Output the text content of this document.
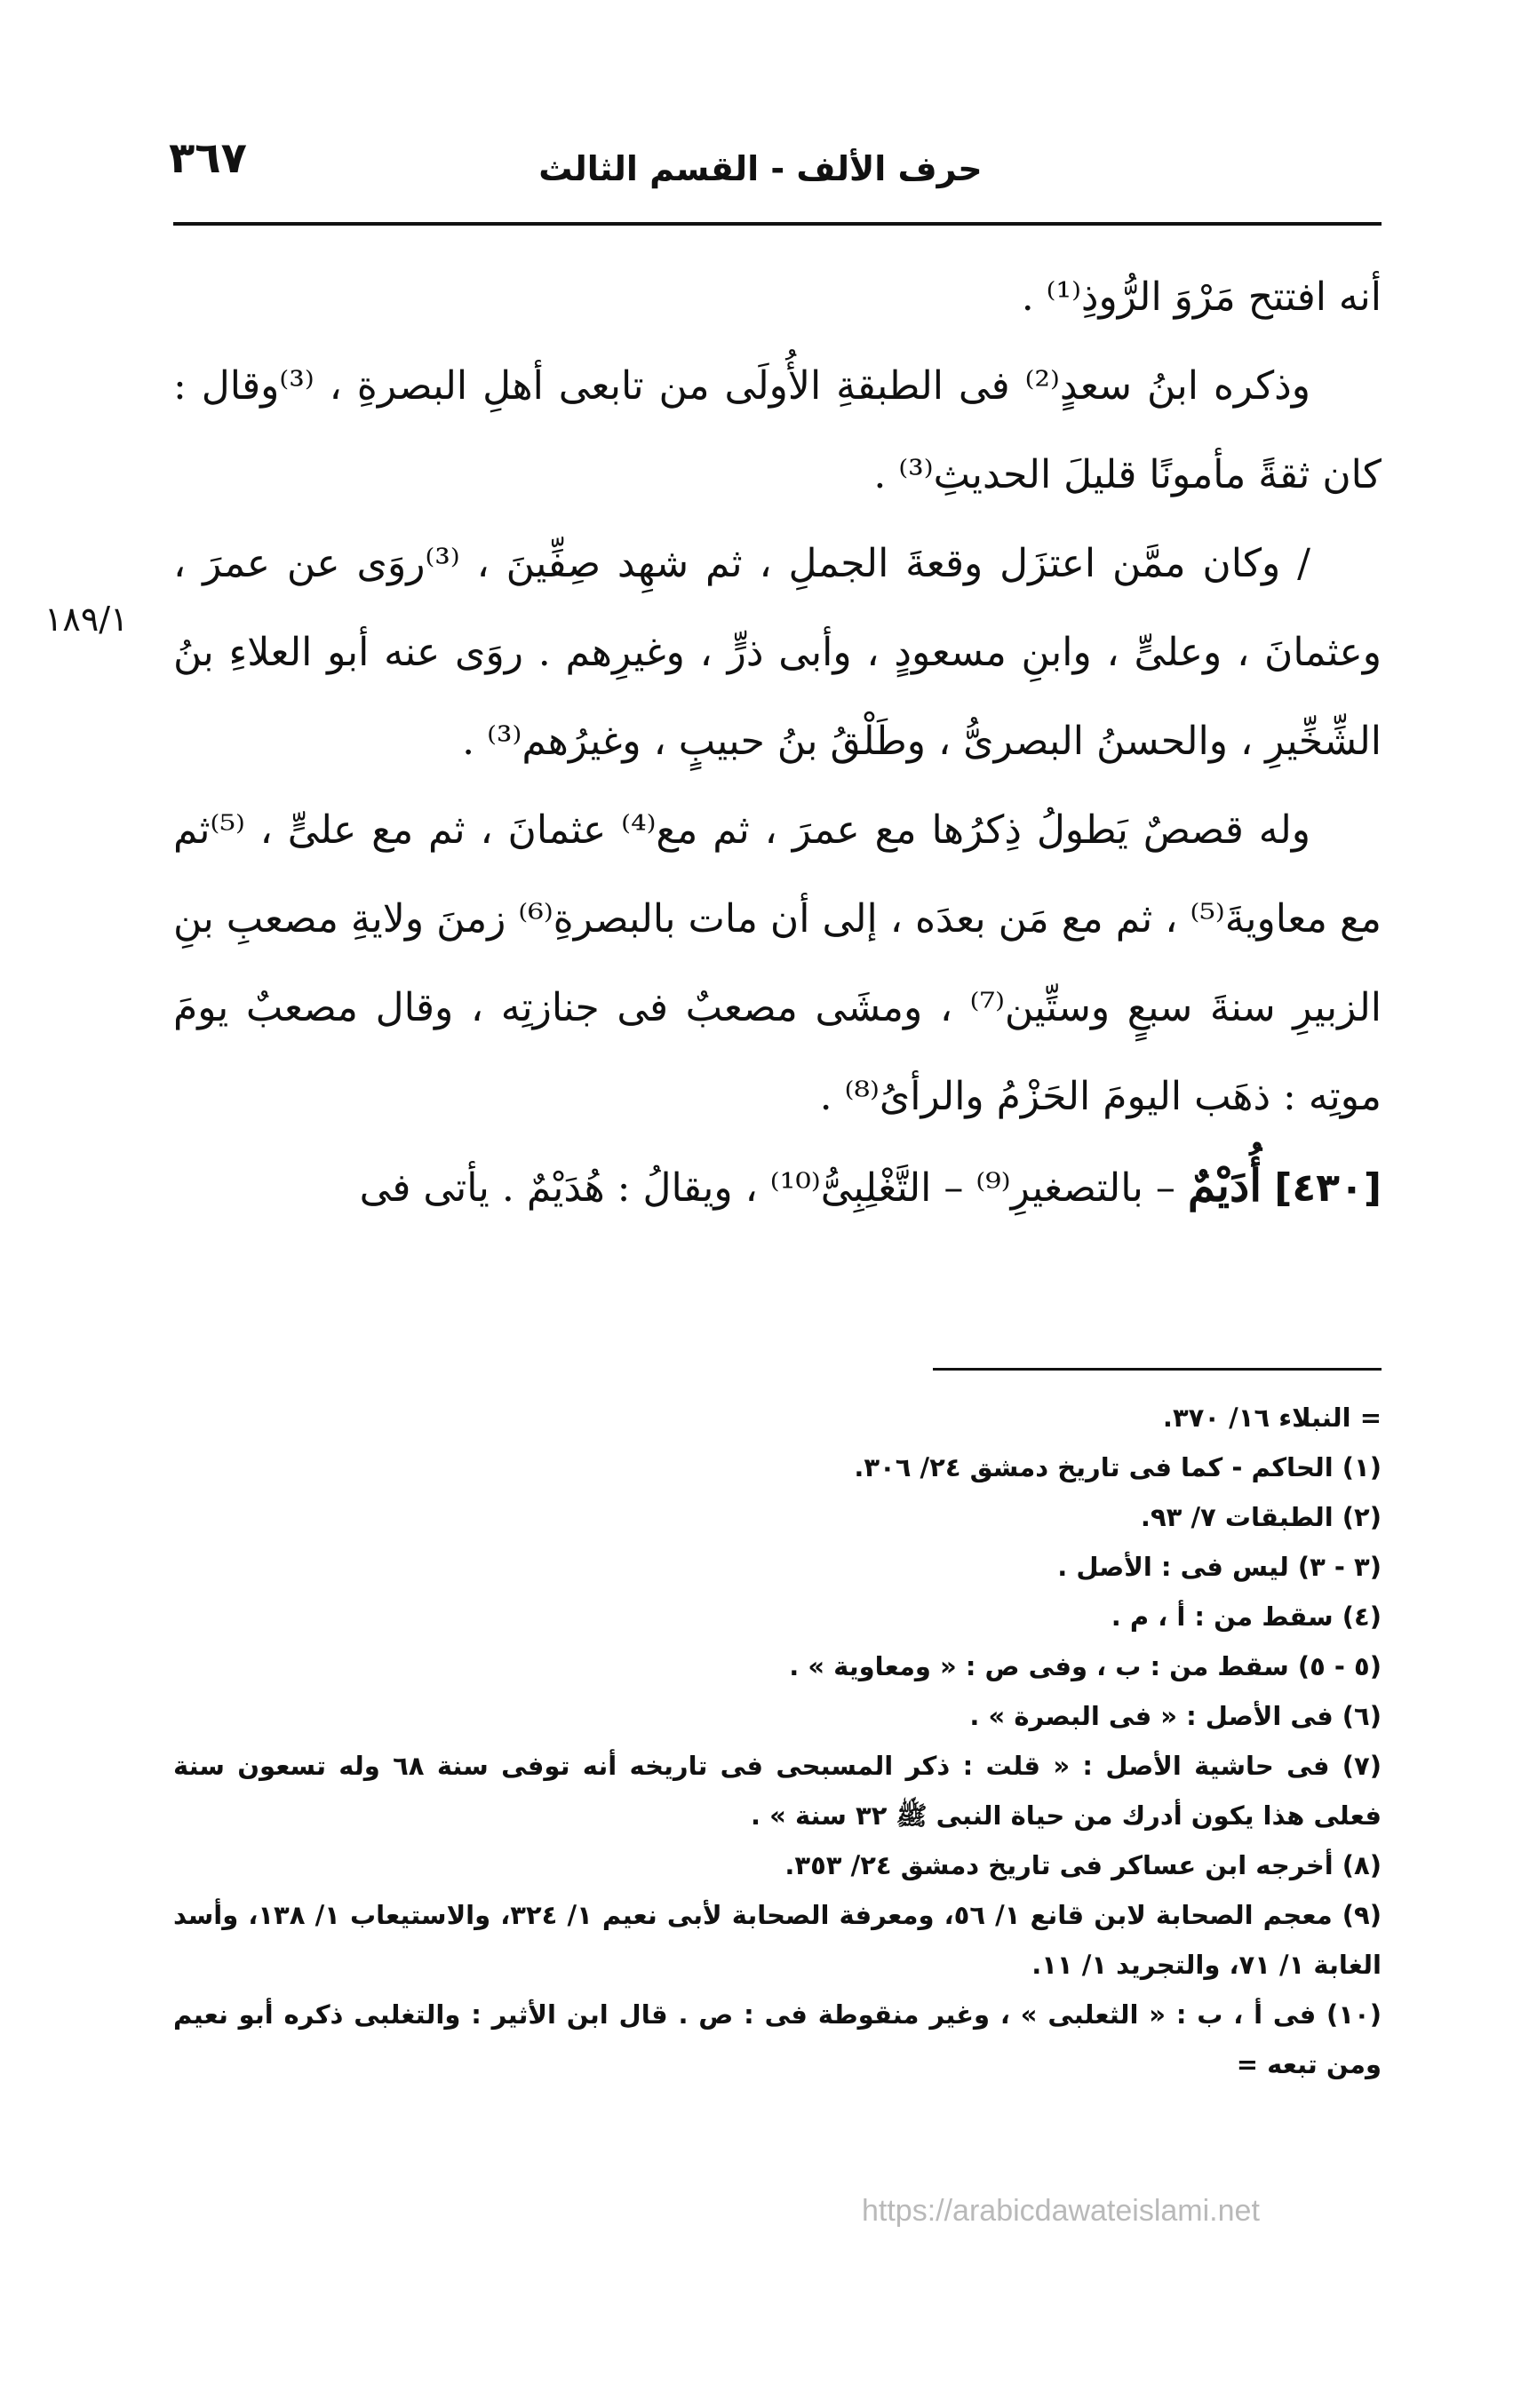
حرف الألف - القسم الثالث
٣٦٧
١٨٩/١

أنه افتتح مَرْوَ الرُّوذِ⁽¹⁾ .

وذكره ابنُ سعدٍ⁽²⁾ فى الطبقةِ الأُولَى من تابعى أهلِ البصرةِ ، ⁽³⁾وقال : كان ثقةً مأمونًا قليلَ الحديثِ⁽³⁾ .

/ وكان ممَّن اعتزَل وقعةَ الجملِ ، ثم شهِد صِفِّينَ ، ⁽³⁾روَى عن عمرَ ، وعثمانَ ، وعلىٍّ ، وابنِ مسعودٍ ، وأبى ذرٍّ ، وغيرِهم . روَى عنه أبو العلاءِ بنُ الشِّخِّيرِ ، والحسنُ البصرىُّ ، وطَلْقُ بنُ حبيبٍ ، وغيرُهم⁽³⁾ .

وله قصصٌ يَطولُ ذِكرُها مع عمرَ ، ثم مع⁽⁴⁾ عثمانَ ، ثم مع علىٍّ ، ⁽⁵⁾ثم مع معاويةَ⁽⁵⁾ ، ثم مع مَن بعدَه ، إلى أن مات بالبصرةِ⁽⁶⁾ زمنَ ولايةِ مصعبِ بنِ الزبيرِ سنةَ سبعٍ وستِّين⁽⁷⁾ ، ومشَى مصعبٌ فى جنازتِه ، وقال مصعبٌ يومَ موتِه : ذهَب اليومَ الحَزْمُ والرأىُ⁽⁸⁾ .

[٤٣٠] أُدَيْمٌ – بالتصغيرِ⁽⁹⁾ – التَّغْلِبِىُّ⁽¹⁰⁾ ، ويقالُ : هُدَيْمٌ . يأتى فى

= النبلاء ١٦/ ٣٧٠.

(١) الحاكم - كما فى تاريخ دمشق ٢٤/ ٣٠٦.

(٢) الطبقات ٧/ ٩٣.

(٣ - ٣) ليس فى : الأصل .

(٤) سقط من : أ ، م .

(٥ - ٥) سقط من : ب ، وفى ص : « ومعاوية » .

(٦) فى الأصل : « فى البصرة » .

(٧) فى حاشية الأصل : « قلت : ذكر المسبحى فى تاريخه أنه توفى سنة ٦٨ وله تسعون سنة فعلى هذا يكون أدرك من حياة النبى ﷺ ٣٢ سنة » .

(٨) أخرجه ابن عساكر فى تاريخ دمشق ٢٤/ ٣٥٣.

(٩) معجم الصحابة لابن قانع ١/ ٥٦، ومعرفة الصحابة لأبى نعيم ١/ ٣٢٤، والاستيعاب ١/ ١٣٨، وأسد الغابة ١/ ٧١، والتجريد ١/ ١١.

(١٠) فى أ ، ب : « الثعلبى » ، وغير منقوطة فى : ص . قال ابن الأثير : والتغلبى ذكره أبو نعيم ومن تبعه =

https://arabicdawateislami.net
